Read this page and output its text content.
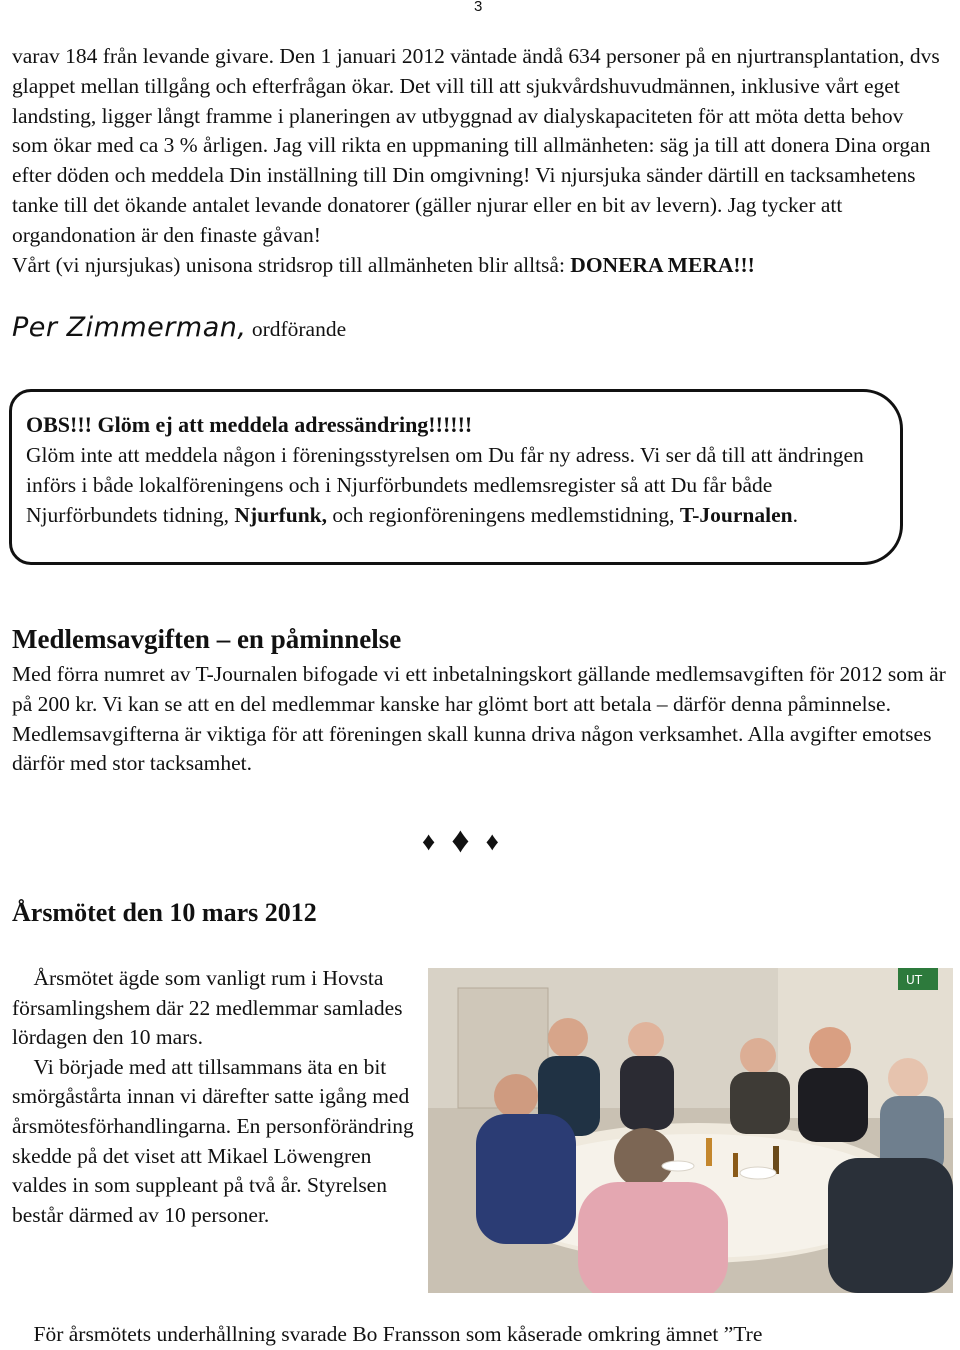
3

varav 184 från levande givare. Den 1 januari 2012 väntade ändå 634 personer på en njurtransplantation, dvs glappet mellan tillgång och efterfrågan ökar. Det vill till att sjukvårdshuvudmännen, inklusive vårt eget landsting, ligger långt framme i planeringen av utbyggnad av dialyskapaciteten för att möta detta behov som ökar med ca 3 % årligen. Jag vill rikta en uppmaning till allmänheten: säg ja till att donera Dina organ efter döden och meddela Din inställning till Din omgivning! Vi njursjuka sänder därtill en tacksamhetens tanke till det ökande antalet levande donatorer (gäller njurar eller en bit av levern). Jag tycker att organdonation är den finaste gåvan!
Vårt (vi njursjukas) unisona stridsrop till allmänheten blir alltså: DONERA MERA!!!

Per Zimmerman, ordförande
OBS!!! Glöm ej att meddela adressändring!!!!!!
Glöm inte att meddela någon i föreningsstyrelsen om Du får ny adress. Vi ser då till att ändringen införs i både lokalföreningens och i Njurförbundets medlemsregister så att Du får både Njurförbundets tidning, Njurfunk, och regionföreningens medlemstidning, T-Journalen.
Medlemsavgiften – en påminnelse

Med förra numret av T-Journalen bifogade vi ett inbetalningskort gällande medlemsavgiften för 2012 som är på 200 kr. Vi kan se att en del medlemmar kanske har glömt bort att betala – därför denna påminnelse. Medlemsavgifterna är viktiga för att föreningen skall kunna driva någon verksamhet. Alla avgifter emotses därför med stor tacksamhet.

♦♦♦
Årsmötet den 10 mars 2012

Årsmötet ägde som vanligt rum i Hovsta församlingshem där 22 medlemmar samlades lördagen den 10 mars.
Vi började med att tillsammans äta en bit smörgåstårta innan vi därefter satte igång med årsmötesförhandlingarna. En personförändring skedde på det viset att Mikael Löwengren valdes in som suppleant på två år. Styrelsen består därmed av 10 personer.

För årsmötets underhållning svarade Bo Fransson som kåserade omkring ämnet ”Tre

UT
